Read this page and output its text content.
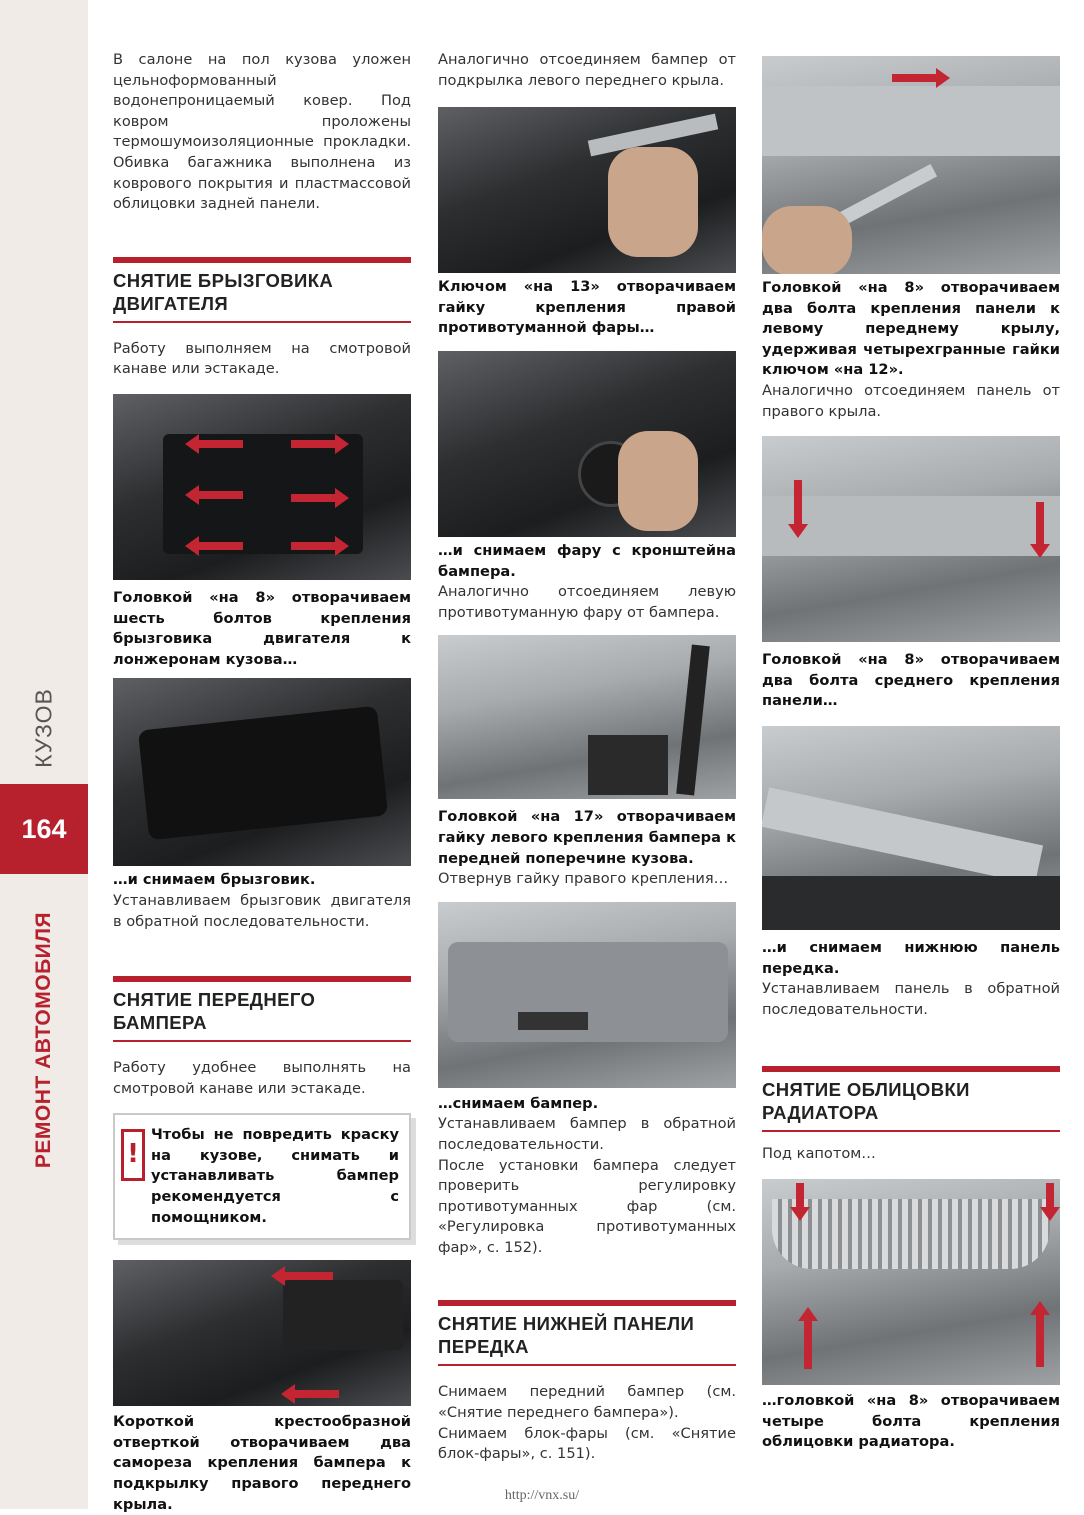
КУЗОВ
164
РЕМОНТ АВТОМОБИЛЯ

В салоне на пол кузова уложен цельноформованный водонепроницаемый ковер. Под ковром проложены термошумоизоляционные прокладки. Обивка багажника выполнена из коврового покрытия и пластмассовой облицовки задней панели.

СНЯТИЕ БРЫЗГОВИКА ДВИГАТЕЛЯ

Работу выполняем на смотровой канаве или эстакаде.

Головкой «на 8» отворачиваем шесть болтов крепления брызговика двигателя к лонжеронам кузова…

…и снимаем брызговик.

Устанавливаем брызговик двигателя в обратной последовательности.

СНЯТИЕ ПЕРЕДНЕГО БАМПЕРА

Работу удобнее выполнять на смотровой канаве или эстакаде.

!

Чтобы не повредить краску на кузове, снимать и устанавливать бампер рекомендуется с помощником.

Короткой крестообразной отверткой отворачиваем два самореза крепления бампера к подкрылку правого переднего крыла.

Аналогично отсоединяем бампер от подкрылка левого переднего крыла.

Ключом «на 13» отворачиваем гайку крепления правой противотуманной фары…

…и снимаем фару с кронштейна бампера.

Аналогично отсоединяем левую противотуманную фару от бампера.

Головкой «на 17» отворачиваем гайку левого крепления бампера к передней поперечине кузова.

Отвернув гайку правого крепления…

…снимаем бампер.

Устанавливаем бампер в обратной последовательности.

После установки бампера следует проверить регулировку противотуманных фар (см. «Регулировка противотуманных фар», с. 152).

СНЯТИЕ НИЖНЕЙ ПАНЕЛИ ПЕРЕДКА

Снимаем передний бампер (см. «Снятие переднего бампера»).

Снимаем блок-фары (см. «Снятие блок-фары», с. 151).

Головкой «на 8» отворачиваем два болта крепления панели к левому переднему крылу, удерживая четырехгранные гайки ключом «на 12».

Аналогично отсоединяем панель от правого крыла.

Головкой «на 8» отворачиваем два болта среднего крепления панели…

…и снимаем нижнюю панель передка.

Устанавливаем панель в обратной последовательности.

СНЯТИЕ ОБЛИЦОВКИ РАДИАТОРА

Под капотом…

…головкой «на 8» отворачиваем четыре болта крепления облицовки радиатора.

http://vnx.su/
